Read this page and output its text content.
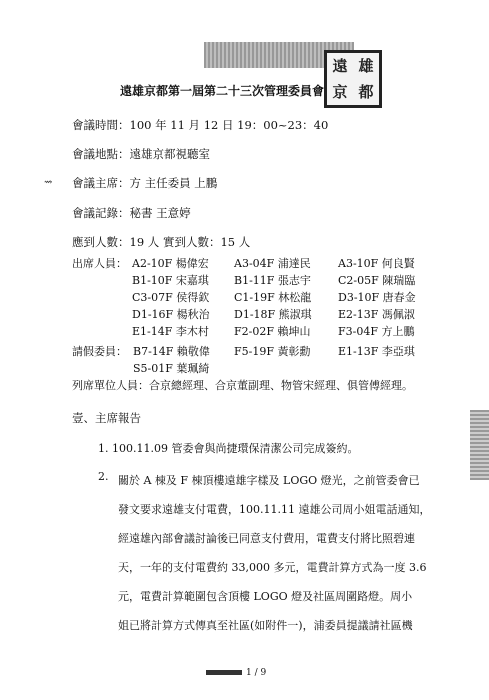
遠 雄
京 都
遠雄京都第一屆第二十三次管理委員會
會議時間：100 年 11 月 12 日 19：00~23：40
會議地點：遠雄京都視聽室
⇝ 會議主席：方 主任委員 上鵬
會議記錄：秘書 王意婷
應到人數：19 人 實到人數：15 人
出席人員： A2-10F 楊偉宏 A3-04F 浦達民 A3-10F 何良賢
B1-10F 宋嘉琪 B1-11F 張志宇 C2-05F 陳瑞臨
C3-07F 侯得欽 C1-19F 林松龍 D3-10F 唐春金
D1-16F 楊秋治 D1-18F 熊淑琪 E2-13F 馮佩淑
E1-14F 李木村 F2-02F 賴坤山	F3-04F 方上鵬
請假委員： B7-14F 賴敬偉 F5-19F 黃彰勳	E1-13F 李亞琪
S5-01F 葉珮綺
列席單位人員：合京總經理、合京董副理、物管宋經理、俱管傅經理。
壹、主席報告
1. 100.11.09 管委會與尚捷環保清潔公司完成簽約。
2. 關於 A 棟及 F 棟頂樓遠雄字樣及 LOGO 燈光，之前管委會已
發文要求遠雄支付電費，100.11.11 遠雄公司周小姐電話通知，
經遠雄內部會議討論後已同意支付費用，電費支付將比照碧連
天，一年的支付電費約 33,000 多元，電費計算方式為一度 3.6
元，電費計算範圍包含頂樓 LOGO 燈及社區周圍路燈。周小
姐已將計算方式傳真至社區(如附件一)，浦委員提議請社區機
1 / 9
